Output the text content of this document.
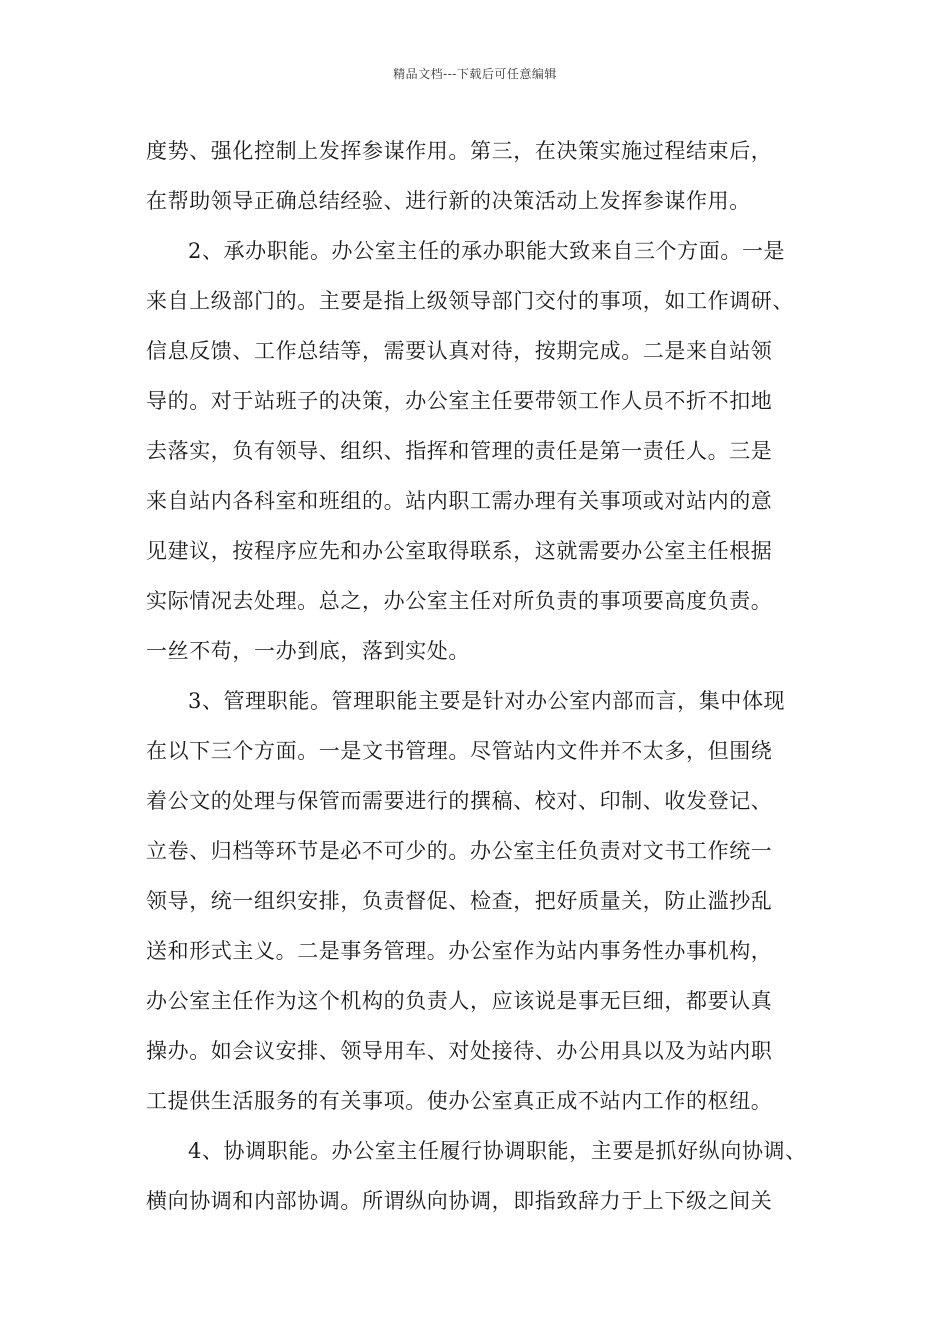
精品文档---下载后可任意编辑
度势、强化控制上发挥参谋作用。第三，在决策实施过程结束后，
在帮助领导正确总结经验、进行新的决策活动上发挥参谋作用。
2、承办职能。办公室主任的承办职能大致来自三个方面。一是
来自上级部门的。主要是指上级领导部门交付的事项，如工作调研、
信息反馈、工作总结等，需要认真对待，按期完成。二是来自站领
导的。对于站班子的决策，办公室主任要带领工作人员不折不扣地
去落实，负有领导、组织、指挥和管理的责任是第一责任人。三是
来自站内各科室和班组的。站内职工需办理有关事项或对站内的意
见建议，按程序应先和办公室取得联系，这就需要办公室主任根据
实际情况去处理。总之，办公室主任对所负责的事项要高度负责。
一丝不苟，一办到底，落到实处。
3、管理职能。管理职能主要是针对办公室内部而言，集中体现
在以下三个方面。一是文书管理。尽管站内文件并不太多，但围绕
着公文的处理与保管而需要进行的撰稿、校对、印制、收发登记、
立卷、归档等环节是必不可少的。办公室主任负责对文书工作统一
领导，统一组织安排，负责督促、检查，把好质量关，防止滥抄乱
送和形式主义。二是事务管理。办公室作为站内事务性办事机构，
办公室主任作为这个机构的负责人，应该说是事无巨细，都要认真
操办。如会议安排、领导用车、对处接待、办公用具以及为站内职
工提供生活服务的有关事项。使办公室真正成不站内工作的枢纽。
4、协调职能。办公室主任履行协调职能，主要是抓好纵向协调、
横向协调和内部协调。所谓纵向协调，即指致辞力于上下级之间关
